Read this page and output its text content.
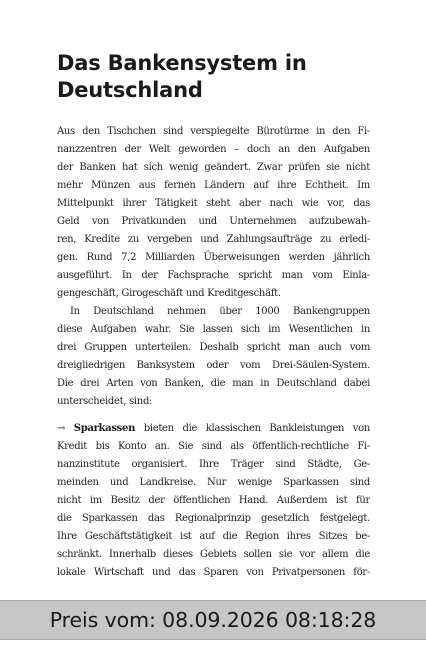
Das Bankensystem in
Deutschland
Aus den Tischchen sind verspiegelte Bürotürme in den Fi-
nanzzentren der Welt geworden – doch an den Aufgaben
der Banken hat sich wenig geändert. Zwar prüfen sie nicht
mehr Münzen aus fernen Ländern auf ihre Echtheit. Im
Mittelpunkt ihrer Tätigkeit steht aber nach wie vor, das
Geld von Privatkunden und Unternehmen aufzubewah-
ren, Kredite zu vergeben und Zahlungsaufträge zu erledi-
gen. Rund 7,2 Milliarden Überweisungen werden jährlich
ausgeführt. In der Fachsprache spricht man vom Einla-
gengeschäft, Girogeschäft und Kreditgeschäft.
In Deutschland nehmen über 1000 Bankengruppen
diese Aufgaben wahr. Sie lassen sich im Wesentlichen in
drei Gruppen unterteilen. Deshalb spricht man auch vom
dreigliedrigen Banksystem oder vom Drei-Säulen-System.
Die drei Arten von Banken, die man in Deutschland dabei
unterscheidet, sind:
→ Sparkassen bieten die klassischen Bankleistungen von
Kredit bis Konto an. Sie sind als öffentlich-rechtliche Fi-
nanzinstitute organisiert. Ihre Träger sind Städte, Ge-
meinden und Landkreise. Nur wenige Sparkassen sind
nicht im Besitz der öffentlichen Hand. Außerdem ist für
die Sparkassen das Regionalprinzip gesetzlich festgelegt.
Ihre Geschäftstätigkeit ist auf die Region ihres Sitzes be-
schränkt. Innerhalb dieses Gebiets sollen sie vor allem die
lokale Wirtschaft und das Sparen von Privatpersonen för-
Preis vom: 08.09.2026 08:18:28
